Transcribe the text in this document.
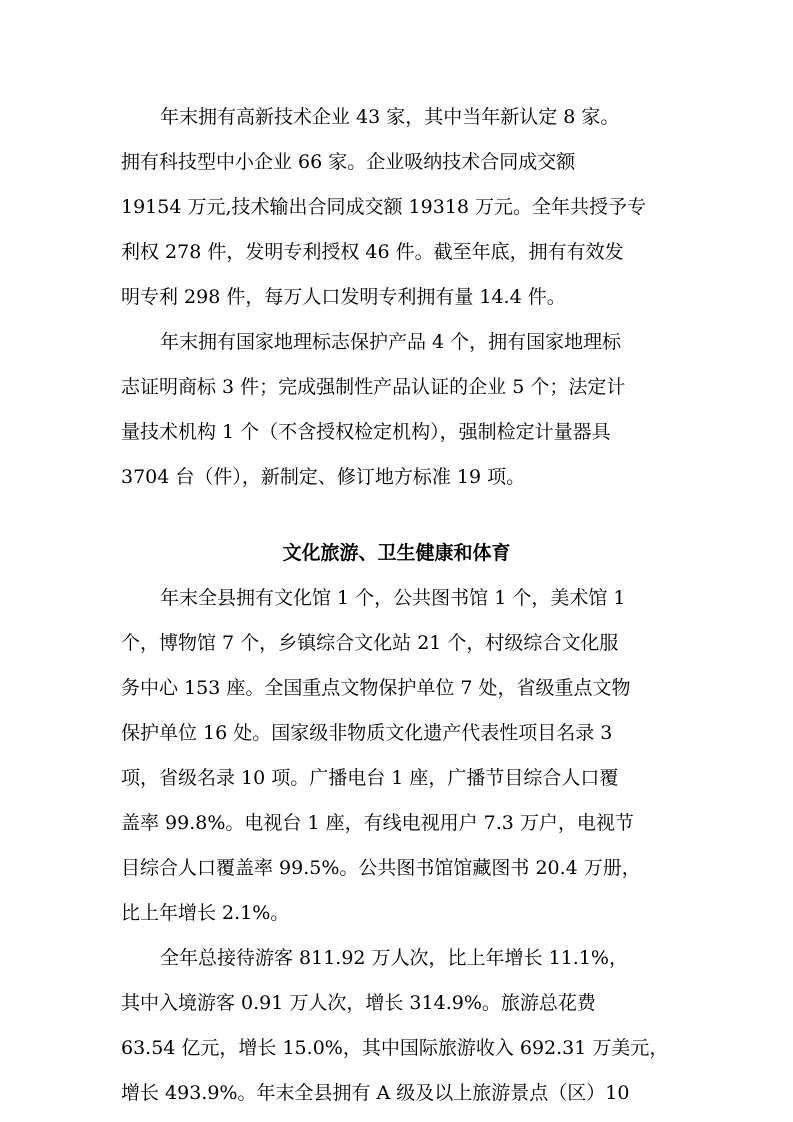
年末拥有高新技术企业 43 家，其中当年新认定 8 家。
拥有科技型中小企业 66 家。企业吸纳技术合同成交额
19154 万元,技术输出合同成交额 19318 万元。全年共授予专
利权 278 件，发明专利授权 46 件。截至年底，拥有有效发
明专利 298 件，每万人口发明专利拥有量 14.4 件。
年末拥有国家地理标志保护产品 4 个，拥有国家地理标
志证明商标 3 件；完成强制性产品认证的企业 5 个；法定计
量技术机构 1 个（不含授权检定机构），强制检定计量器具
3704 台（件），新制定、修订地方标准 19 项。
文化旅游、卫生健康和体育
年末全县拥有文化馆 1 个，公共图书馆 1 个，美术馆 1
个，博物馆 7 个，乡镇综合文化站 21 个，村级综合文化服
务中心 153 座。全国重点文物保护单位 7 处，省级重点文物
保护单位 16 处。国家级非物质文化遗产代表性项目名录 3
项，省级名录 10 项。广播电台 1 座，广播节目综合人口覆
盖率 99.8%。电视台 1 座，有线电视用户 7.3 万户，电视节
目综合人口覆盖率 99.5%。公共图书馆馆藏图书 20.4 万册，
比上年增长 2.1%。
全年总接待游客 811.92 万人次，比上年增长 11.1%，
其中入境游客 0.91 万人次，增长 314.9%。旅游总花费
63.54 亿元，增长 15.0%，其中国际旅游收入 692.31 万美元，
增长 493.9%。年末全县拥有 A 级及以上旅游景点（区）10
